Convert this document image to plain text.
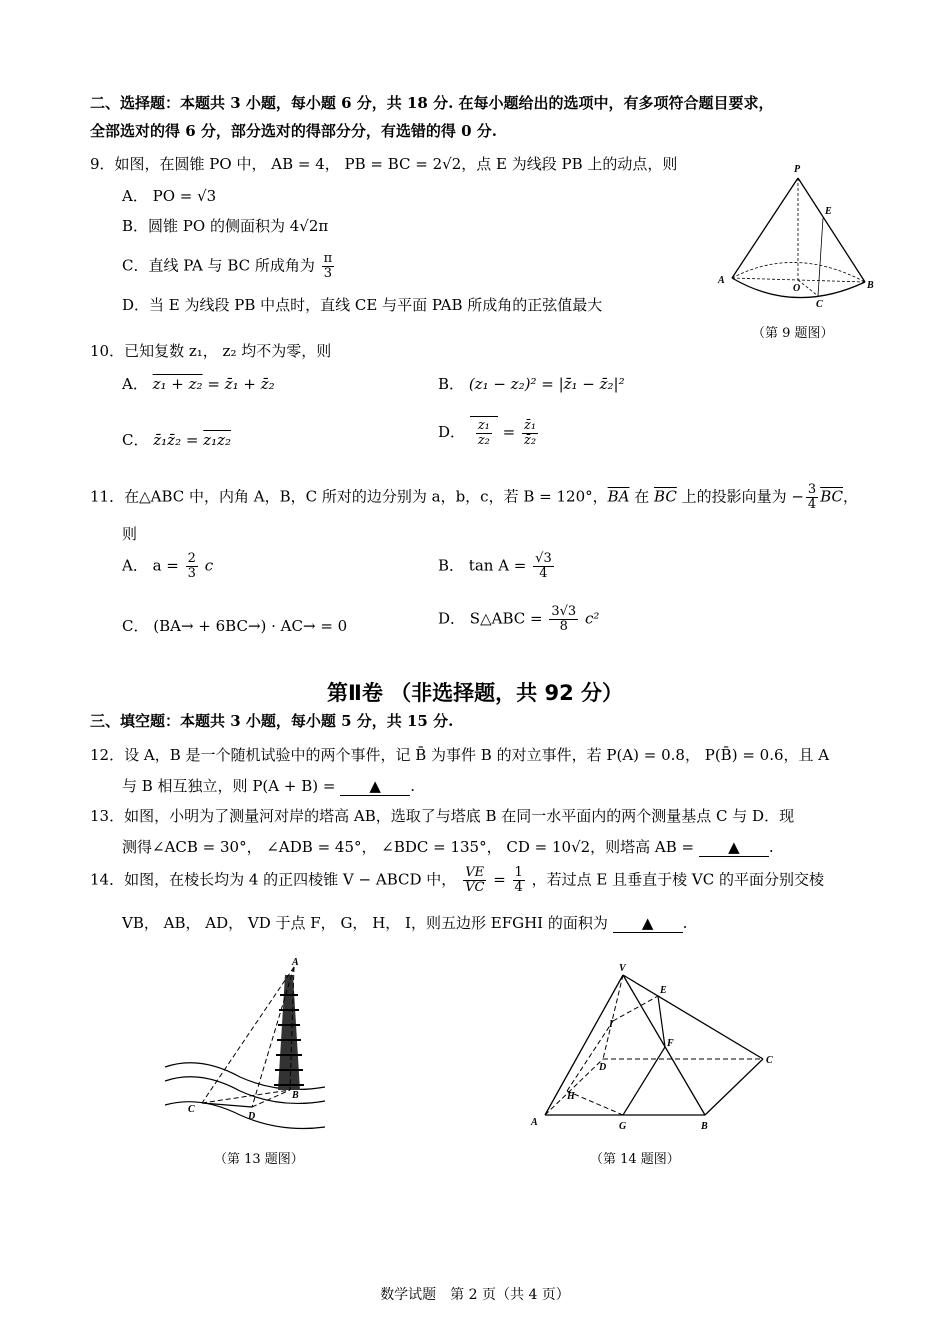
二、选择题：本题共 3 小题，每小题 6 分，共 18 分. 在每小题给出的选项中，有多项符合题目要求，
全部选对的得 6 分，部分选对的得部分分，有选错的得 0 分.
9．如图，在圆锥 PO 中， AB = 4， PB = BC = 2√2，点 E 为线段 PB 上的动点，则
A． PO = √3
B．圆锥 PO 的侧面积为 4√2π
C．直线 PA 与 BC 所成角为 $\frac{\pi}{3}$
D．当 E 为线段 PB 中点时，直线 CE 与平面 PAB 所成角的正弦值最大
P
E
A
O	B
C
（第 9 题图）
10．已知复数 z₁， z₂ 均不为零，则
A． z₁ + z₂ = z̄₁ + z̄₂	B． (z₁ − z₂)² = |z̄₁ − z̄₂|²
C． z̄₁z̄₂ = z₁z₂	D． $\frac{\text{z₁}}{\text{z₂}} = \frac{\text{z̄₁}}{\text{z̄₂}}$
11．在△ABC 中，内角 A，B，C 所对的边分别为 a，b，c，若 B = 120°，$\overline{BA}$ 在 $\overline{BC}$ 上的投影向量为 − $\frac{3}{4} \overline{BC}$，
则
A． $a = \frac{2}{3}$ c	B． $\tan A = \frac{√3}{4}$
C． (BA→ + 6BC→) · AC→ = 0	D． S△ABC = $\frac{3√3}{8} c^2$
第Ⅱ卷 （非选择题，共 92 分）
三、填空题：本题共 3 小题，每小题 5 分，共 15 分.
12．设 A，B 是一个随机试验中的两个事件，记 B̄ 为事件 B 的对立事件，若 P(A) = 0.8， P(B̄) = 0.6，且 A
与 B 相互独立，则 P(A + B) = ▲ .
13．如图，小明为了测量河对岸的塔高 AB，选取了与塔底 B 在同一水平面内的两个测量基点 C 与 D．现
测得∠ACB = 30°， ∠ADB = 45°， ∠BDC = 135°， CD = 10√2，则塔高 AB = ▲ .
14．如图，在棱长均为 4 的正四棱锥 V − ABCD 中， $\frac{VE}{VC} = \frac{1}{4}$ ，若过点 E 且垂直于棱 VC 的平面分别交棱
VB， AB， AD， VD 于点 F， G， H， I，则五边形 EFGHI 的面积为 ▲ .
A
B
C
D
（第 13 题图）
V
E
I
F
D
C
H
A	G	B
（第 14 题图）
数学试题　第 2 页（共 4 页）
